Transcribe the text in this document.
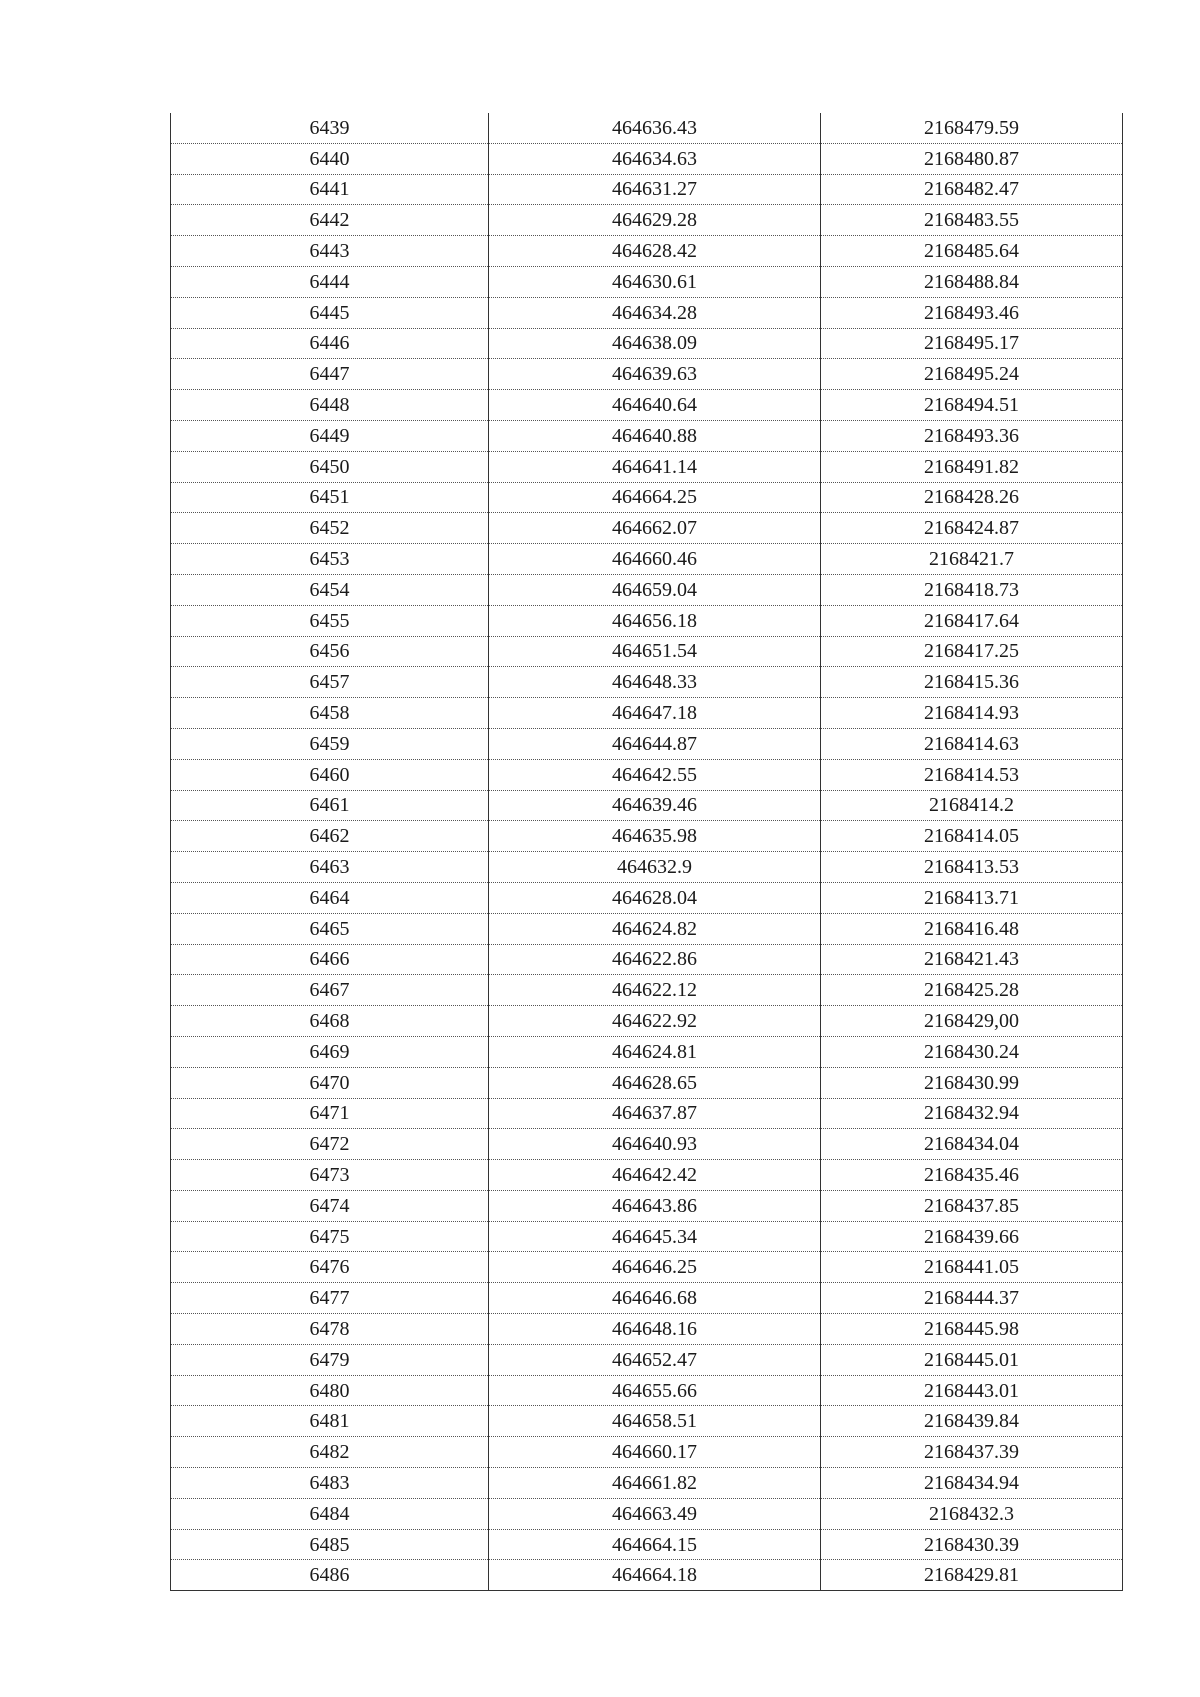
6439	464636.43	2168479.59
6440	464634.63	2168480.87
6441	464631.27	2168482.47
6442	464629.28	2168483.55
6443	464628.42	2168485.64
6444	464630.61	2168488.84
6445	464634.28	2168493.46
6446	464638.09	2168495.17
6447	464639.63	2168495.24
6448	464640.64	2168494.51
6449	464640.88	2168493.36
6450	464641.14	2168491.82
6451	464664.25	2168428.26
6452	464662.07	2168424.87
6453	464660.46	2168421.7
6454	464659.04	2168418.73
6455	464656.18	2168417.64
6456	464651.54	2168417.25
6457	464648.33	2168415.36
6458	464647.18	2168414.93
6459	464644.87	2168414.63
6460	464642.55	2168414.53
6461	464639.46	2168414.2
6462	464635.98	2168414.05
6463	464632.9	2168413.53
6464	464628.04	2168413.71
6465	464624.82	2168416.48
6466	464622.86	2168421.43
6467	464622.12	2168425.28
6468	464622.92	2168429,00
6469	464624.81	2168430.24
6470	464628.65	2168430.99
6471	464637.87	2168432.94
6472	464640.93	2168434.04
6473	464642.42	2168435.46
6474	464643.86	2168437.85
6475	464645.34	2168439.66
6476	464646.25	2168441.05
6477	464646.68	2168444.37
6478	464648.16	2168445.98
6479	464652.47	2168445.01
6480	464655.66	2168443.01
6481	464658.51	2168439.84
6482	464660.17	2168437.39
6483	464661.82	2168434.94
6484	464663.49	2168432.3
6485	464664.15	2168430.39
6486	464664.18	2168429.81
